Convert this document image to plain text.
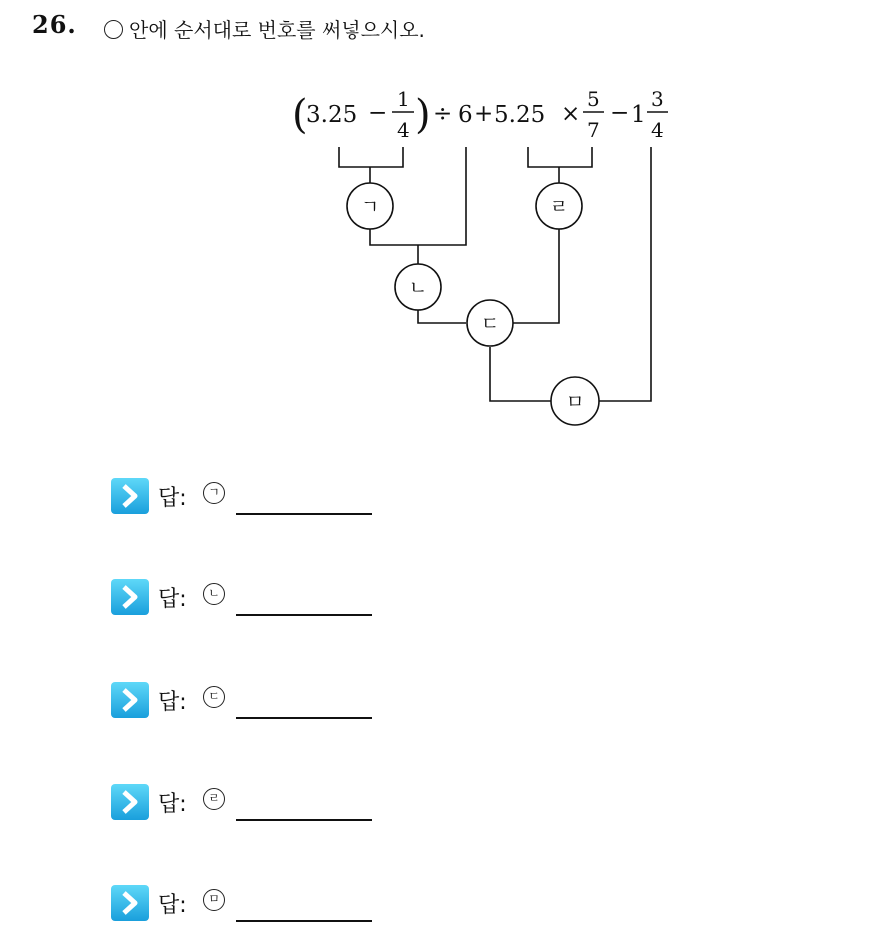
26.	안에 순서대로 번호를 써넣으시오.
(
3.25 −
1
4 ) ÷ 6 + 5.25 ×
5
7
− 1
3
4
ㄱ
ㄴ
ㄷ
ㄹ
ㅁ
답:	ㄱ
답:	ㄴ
답:	ㄷ
답:	ㄹ
답:	ㅁ
